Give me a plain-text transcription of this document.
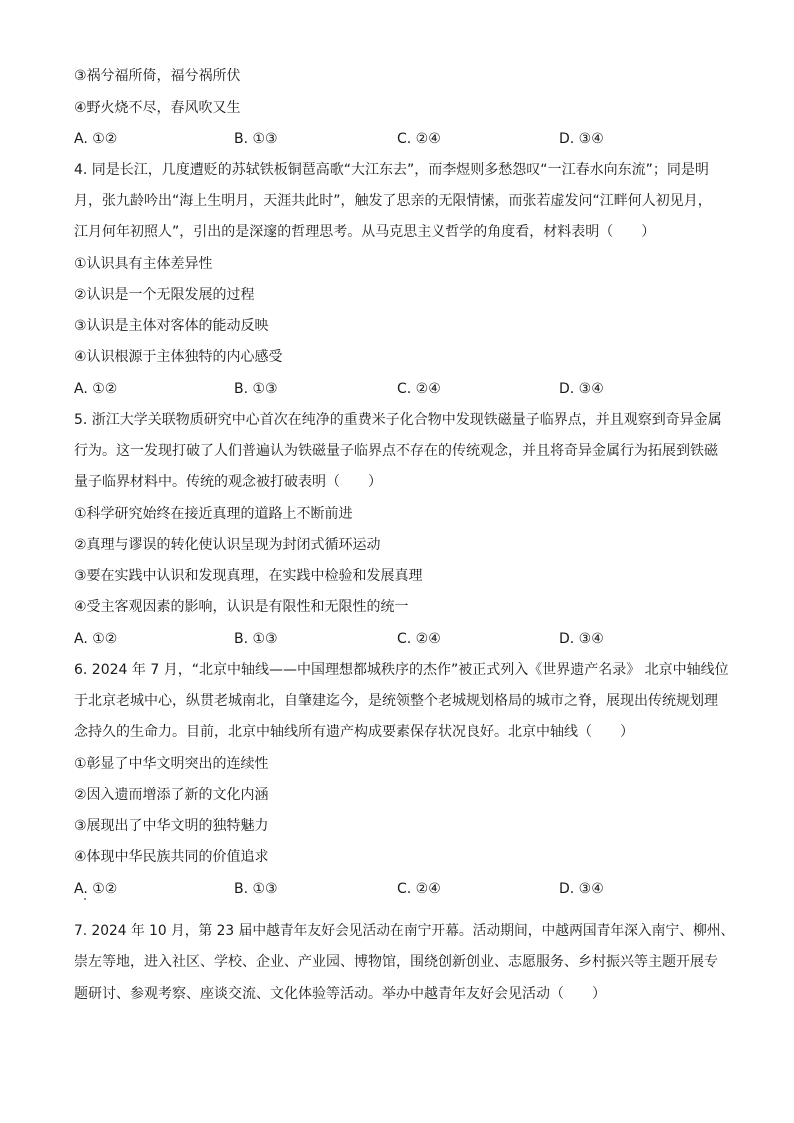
③祸兮福所倚，福兮祸所伏
④野火烧不尽，春风吹又生
A. ①②	B. ①③	C. ②④	D. ③④
4. 同是长江，几度遭贬的苏轼铁板铜琶高歌“大江东去”，而李煜则多愁怨叹“一江春水向东流”；同是明
月，张九龄吟出“海上生明月，天涯共此时”，触发了思亲的无限情愫，而张若虚发问“江畔何人初见月，
江月何年初照人”，引出的是深邃的哲理思考。从马克思主义哲学的角度看，材料表明（　　）
①认识具有主体差异性
②认识是一个无限发展的过程
③认识是主体对客体的能动反映
④认识根源于主体独特的内心感受
A. ①②	B. ①③	C. ②④	D. ③④
5. 浙江大学关联物质研究中心首次在纯净的重费米子化合物中发现铁磁量子临界点，并且观察到奇异金属
行为。这一发现打破了人们普遍认为铁磁量子临界点不存在的传统观念，并且将奇异金属行为拓展到铁磁
量子临界材料中。传统的观念被打破表明（　　）
①科学研究始终在接近真理的道路上不断前进
②真理与谬误的转化使认识呈现为封闭式循环运动
③要在实践中认识和发现真理，在实践中检验和发展真理
④受主客观因素的影响，认识是有限性和无限性的统一
A. ①②	B. ①③	C. ②④	D. ③④
6. 2024 年 7 月，“北京中轴线——中国理想都城秩序的杰作”被正式列入《世界遗产名录》 北京中轴线位
于北京老城中心，纵贯老城南北，自肇建迄今，是统领整个老城规划格局的城市之脊，展现出传统规划理
念持久的生命力。目前，北京中轴线所有遗产构成要素保存状况良好。北京中轴线（　　）
①彰显了中华文明突出的连续性
②因入遗而增添了新的文化内涵
③展现出了中华文明的独特魅力
④体现中华民族共同的价值追求
A. ①②	B. ①③	C. ②④	D. ③④
7. 2024 年 10 月，第 23 届中越青年友好会见活动在南宁开幕。活动期间，中越两国青年深入南宁、柳州、
崇左等地，进入社区、学校、企业、产业园、博物馆，围绕创新创业、志愿服务、乡村振兴等主题开展专
题研讨、参观考察、座谈交流、文化体验等活动。举办中越青年友好会见活动（　　）
